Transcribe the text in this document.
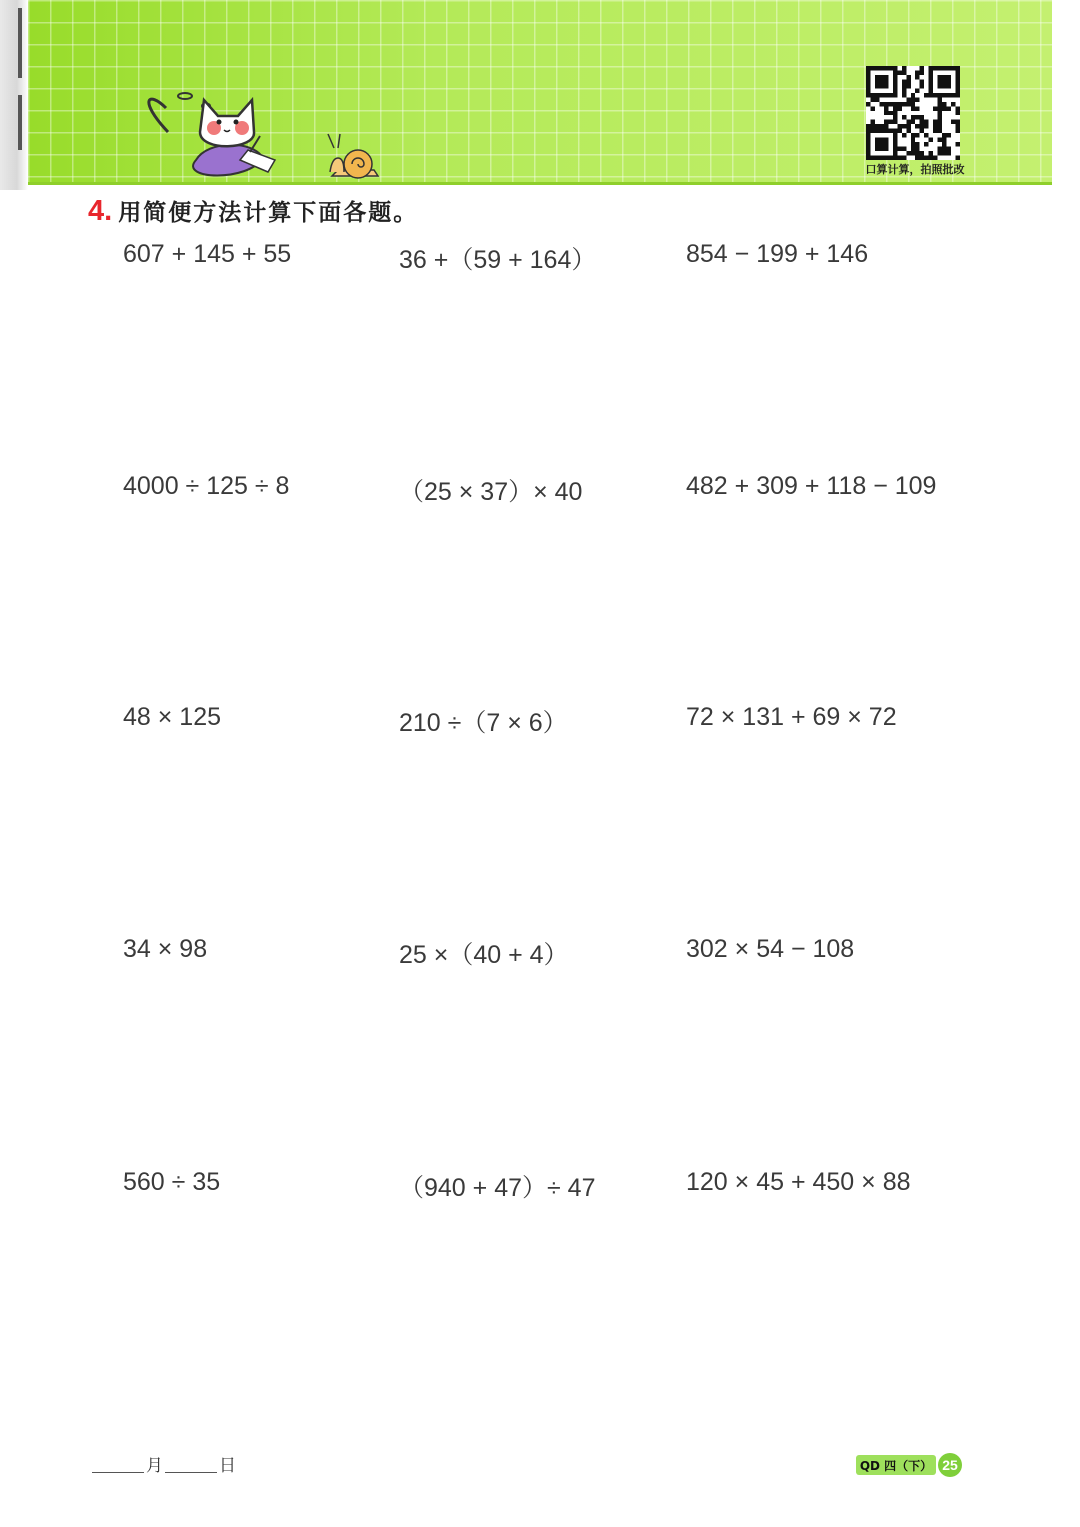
口算计算，拍照批改
4. 用简便方法计算下面各题。
607 + 145 + 55	36 +（59 + 164）	854 − 199 + 146
4000 ÷ 125 ÷ 8	（25 × 37）× 40	482 + 309 + 118 − 109
48 × 125	210 ÷（7 × 6）	72 × 131 + 69 × 72
34 × 98	25 ×（40 + 4）	302 × 54 − 108
560 ÷ 35	（940 + 47）÷ 47	120 × 45 + 450 × 88
月	日	QD 四（下） 25
